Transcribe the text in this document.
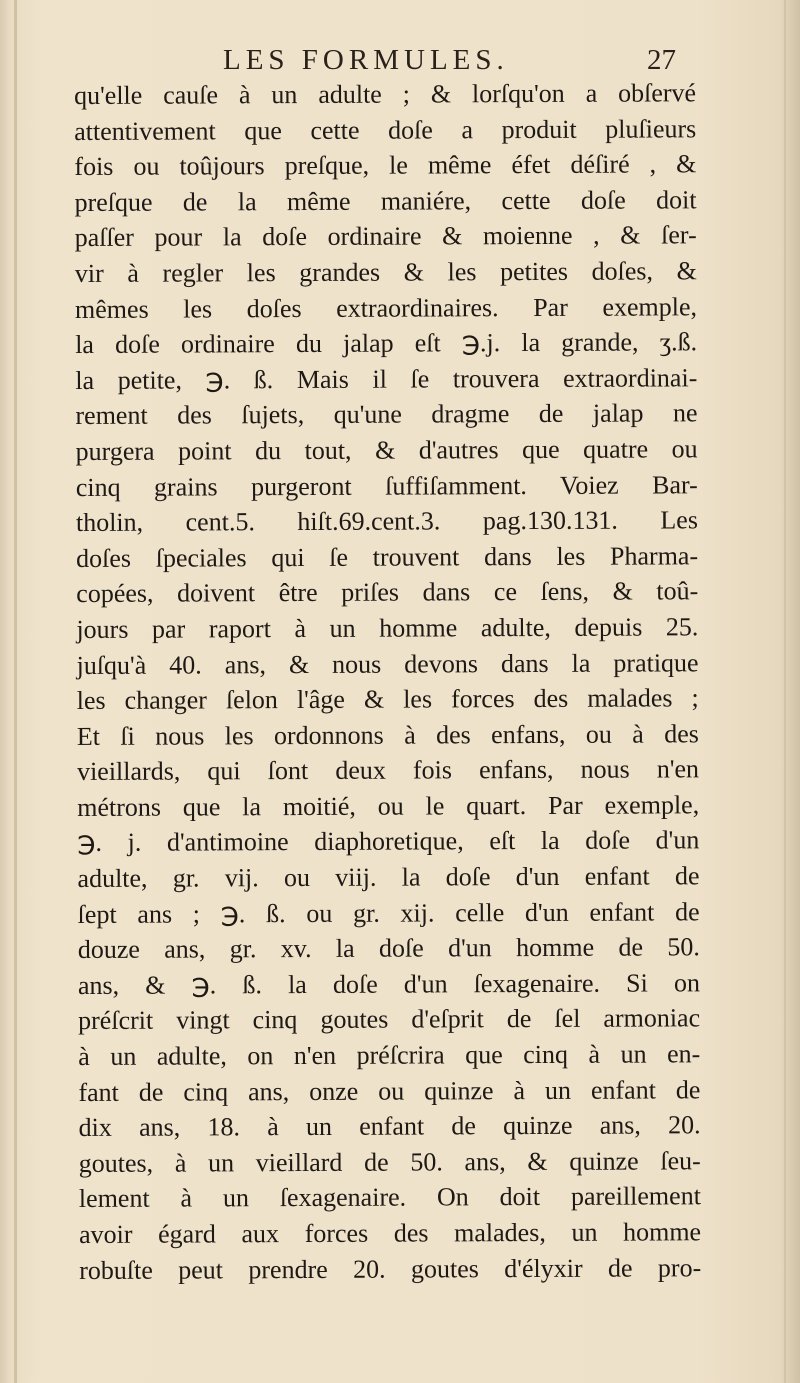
LES FORMULES.	27
qu'elle cauſe à un adulte ; & lorſqu'on a obſervé
attentivement que cette doſe a produit pluſieurs
fois ou toûjours preſque, le même éfet déſiré , &
preſque de la même maniére, cette doſe doit
paſſer pour la doſe ordinaire & moienne , & ſer-
vir à regler les grandes & les petites doſes, &
mêmes les doſes extraordinaires. Par exemple,
la doſe ordinaire du jalap eſt ℈.j. la grande, ʒ.ß.
la petite, ℈. ß. Mais il ſe trouvera extraordinai-
rement des ſujets, qu'une dragme de jalap ne
purgera point du tout, & d'autres que quatre ou
cinq grains purgeront ſuffiſamment. Voiez Bar-
tholin, cent.5. hiſt.69.cent.3. pag.130.131. Les
doſes ſpeciales qui ſe trouvent dans les Pharma-
copées, doivent être priſes dans ce ſens, & toû-
jours par raport à un homme adulte, depuis 25.
juſqu'à 40. ans, & nous devons dans la pratique
les changer ſelon l'âge & les forces des malades ;
Et ſi nous les ordonnons à des enfans, ou à des
vieillards, qui ſont deux fois enfans, nous n'en
métrons que la moitié, ou le quart. Par exemple,
℈. j. d'antimoine diaphoretique, eſt la doſe d'un
adulte, gr. vij. ou viij. la doſe d'un enfant de
ſept ans ; ℈. ß. ou gr. xij. celle d'un enfant de
douze ans, gr. xv. la doſe d'un homme de 50.
ans, & ℈. ß. la doſe d'un ſexagenaire. Si on
préſcrit vingt cinq goutes d'eſprit de ſel armoniac
à un adulte, on n'en préſcrira que cinq à un en-
fant de cinq ans, onze ou quinze à un enfant de
dix ans, 18. à un enfant de quinze ans, 20.
goutes, à un vieillard de 50. ans, & quinze ſeu-
lement à un ſexagenaire. On doit pareillement
avoir égard aux forces des malades, un homme
robuſte peut prendre 20. goutes d'élyxir de pro-
